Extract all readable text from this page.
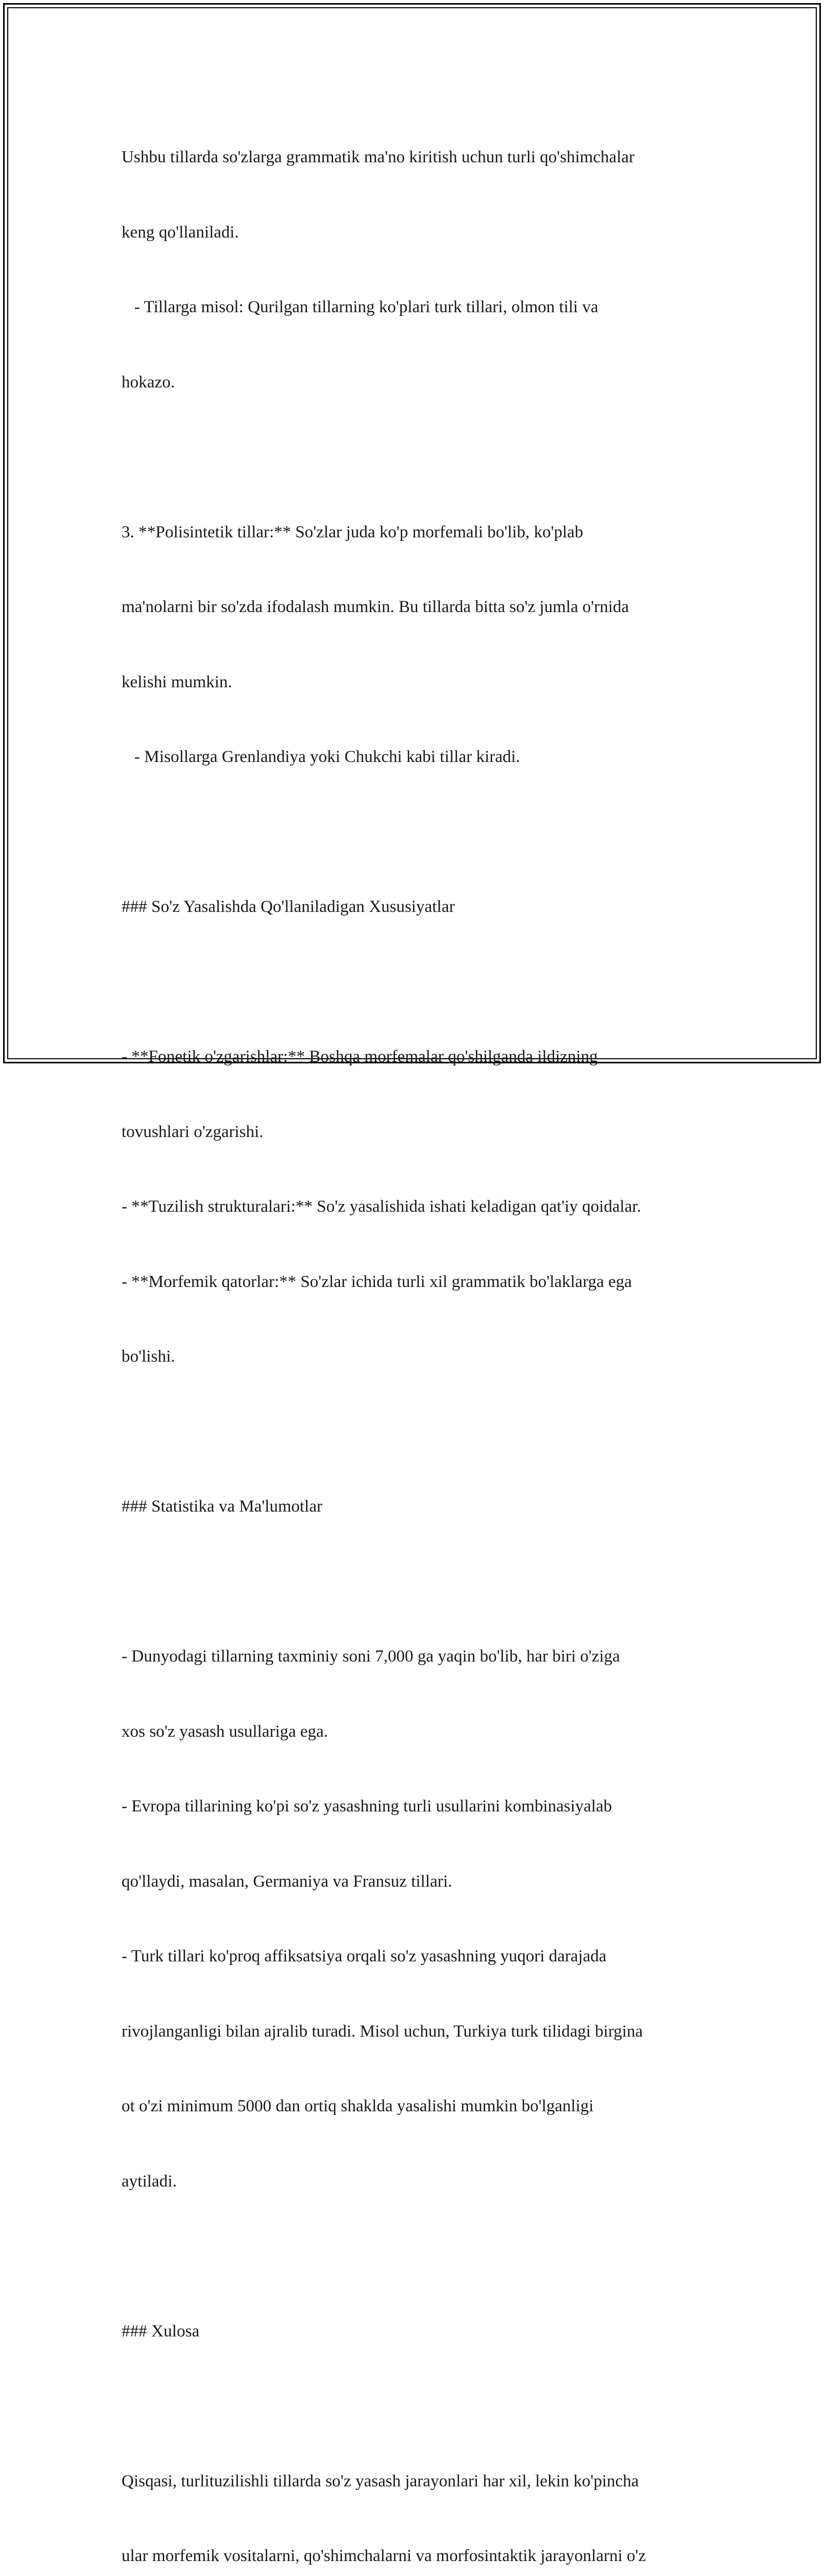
Ushbu tillarda so'zlarga grammatik ma'no kiritish uchun turli qo'shimchalar

keng qo'llaniladi.

- Tillarga misol: Qurilgan tillarning ko'plari turk tillari, olmon tili va

hokazo.

3. **Polisintetik tillar:** So'zlar juda ko'p morfemali bo'lib, ko'plab

ma'nolarni bir so'zda ifodalash mumkin. Bu tillarda bitta so'z jumla o'rnida

kelishi mumkin.

- Misollarga Grenlandiya yoki Chukchi kabi tillar kiradi.

### So'z Yasalishda Qo'llaniladigan Xususiyatlar

- **Fonetik o'zgarishlar:** Boshqa morfemalar qo'shilganda ildizning

tovushlari o'zgarishi.

- **Tuzilish strukturalari:** So'z yasalishida ishati keladigan qat'iy qoidalar.

- **Morfemik qatorlar:** So'zlar ichida turli xil grammatik bo'laklarga ega

bo'lishi.

### Statistika va Ma'lumotlar

- Dunyodagi tillarning taxminiy soni 7,000 ga yaqin bo'lib, har biri o'ziga

xos so'z yasash usullariga ega.

- Evropa tillarining ko'pi so'z yasashning turli usullarini kombinasiyalab

qo'llaydi, masalan, Germaniya va Fransuz tillari.

- Turk tillari ko'proq affiksatsiya orqali so'z yasashning yuqori darajada

rivojlanganligi bilan ajralib turadi. Misol uchun, Turkiya turk tilidagi birgina

ot o'zi minimum 5000 dan ortiq shaklda yasalishi mumkin bo'lganligi

aytiladi.

### Xulosa

Qisqasi, turlituzilishli tillarda so'z yasash jarayonlari har xil, lekin ko'pincha

ular morfemik vositalarni, qo'shimchalarni va morfosintaktik jarayonlarni o'z
